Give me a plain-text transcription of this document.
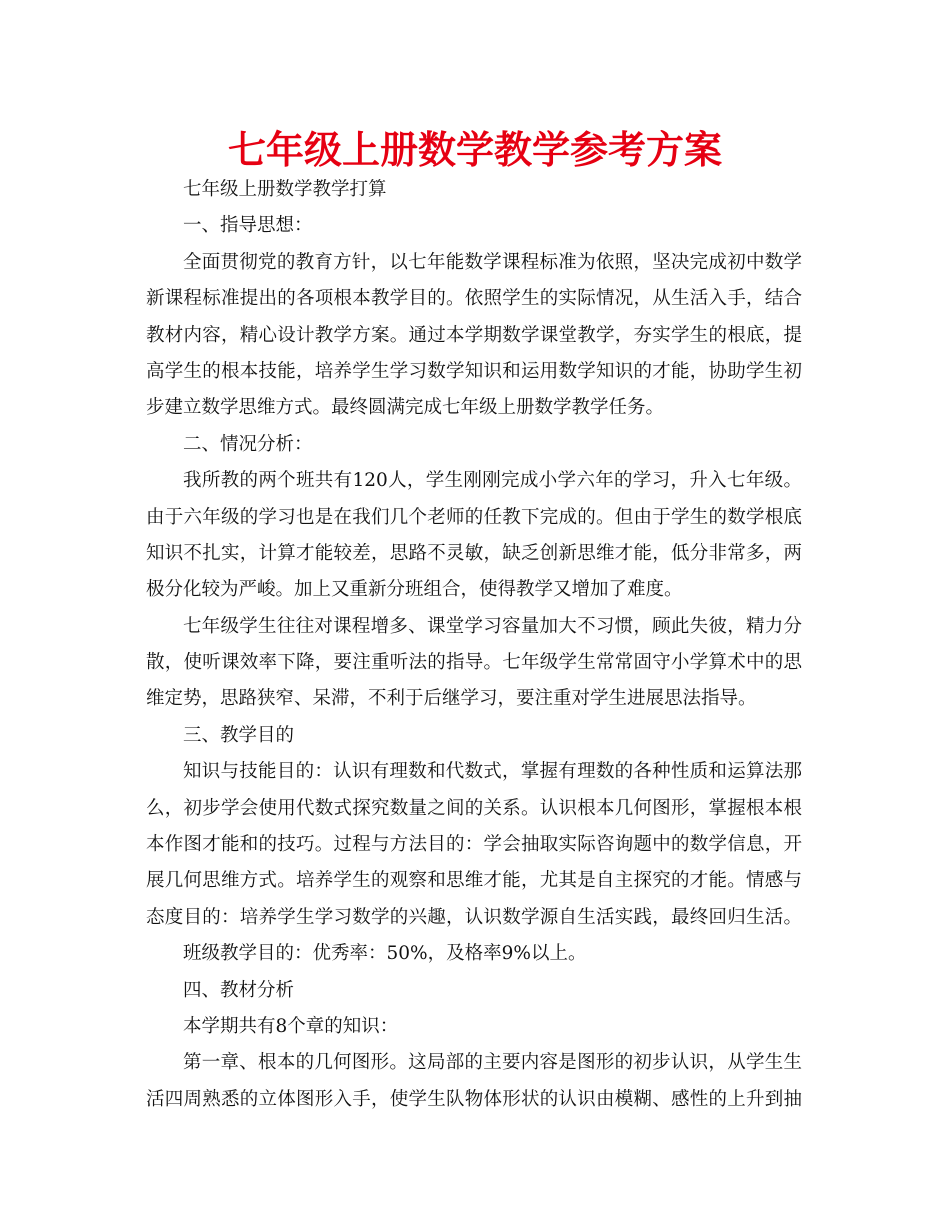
七年级上册数学教学参考方案
七年级上册数学教学打算
一、指导思想：
全面贯彻党的教育方针，以七年能数学课程标准为依照，坚决完成初中数学
新课程标准提出的各项根本教学目的。依照学生的实际情况，从生活入手，结合
教材内容，精心设计教学方案。通过本学期数学课堂教学，夯实学生的根底，提
高学生的根本技能，培养学生学习数学知识和运用数学知识的才能，协助学生初
步建立数学思维方式。最终圆满完成七年级上册数学教学任务。
二、情况分析：
我所教的两个班共有120人，学生刚刚完成小学六年的学习，升入七年级。
由于六年级的学习也是在我们几个老师的任教下完成的。但由于学生的数学根底
知识不扎实，计算才能较差，思路不灵敏，缺乏创新思维才能，低分非常多，两
极分化较为严峻。加上又重新分班组合，使得教学又增加了难度。
七年级学生往往对课程增多、课堂学习容量加大不习惯，顾此失彼，精力分
散，使听课效率下降，要注重听法的指导。七年级学生常常固守小学算术中的思
维定势，思路狭窄、呆滞，不利于后继学习，要注重对学生进展思法指导。
三、教学目的
知识与技能目的：认识有理数和代数式，掌握有理数的各种性质和运算法那
么，初步学会使用代数式探究数量之间的关系。认识根本几何图形，掌握根本根
本作图才能和的技巧。过程与方法目的：学会抽取实际咨询题中的数学信息，开
展几何思维方式。培养学生的观察和思维才能，尤其是自主探究的才能。情感与
态度目的：培养学生学习数学的兴趣，认识数学源自生活实践，最终回归生活。
班级教学目的：优秀率：50%，及格率9%以上。
四、教材分析
本学期共有8个章的知识：
第一章、根本的几何图形。这局部的主要内容是图形的初步认识，从学生生
活四周熟悉的立体图形入手，使学生队物体形状的认识由模糊、感性的上升到抽
